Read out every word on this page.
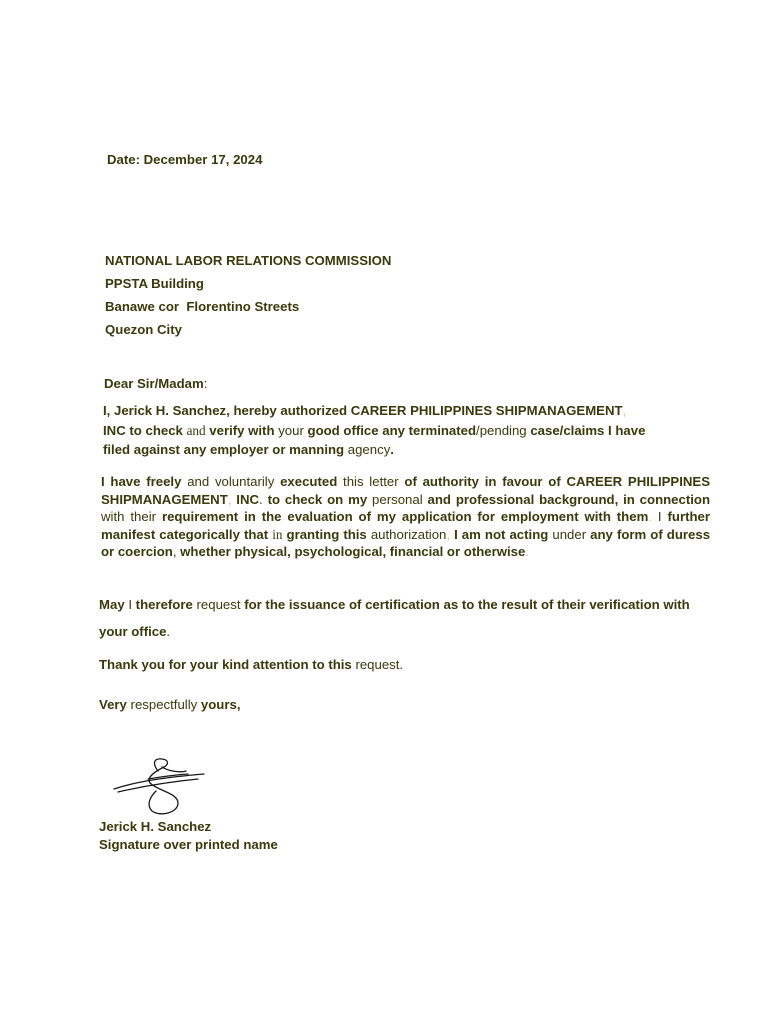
Date: December 17, 2024
NATIONAL LABOR RELATIONS COMMISSION
PPSTA Building
Banawe cor  Florentino Streets
Quezon City
Dear Sir/Madam:
I, Jerick H. Sanchez, hereby authorized CAREER PHILIPPINES SHIPMANAGEMENT,
INC to check and verify with your good office any terminated/pending case/claims I have filed against any employer or manning agency.
I have freely and voluntarily executed this letter of authority in favour of CAREER PHILIPPINES SHIPMANAGEMENT, INC. to check on my personal and professional background, in connection with their requirement in the evaluation of my application for employment with them. I further manifest categorically that in granting this authorization, I am not acting under any form of duress or coercion, whether physical, psychological, financial or otherwise.
May I therefore request for the issuance of certification as to the result of their verification with your office.
Thank you for your kind attention to this request.
Very respectfully yours,
Jerick H. Sanchez
Signature over printed name
